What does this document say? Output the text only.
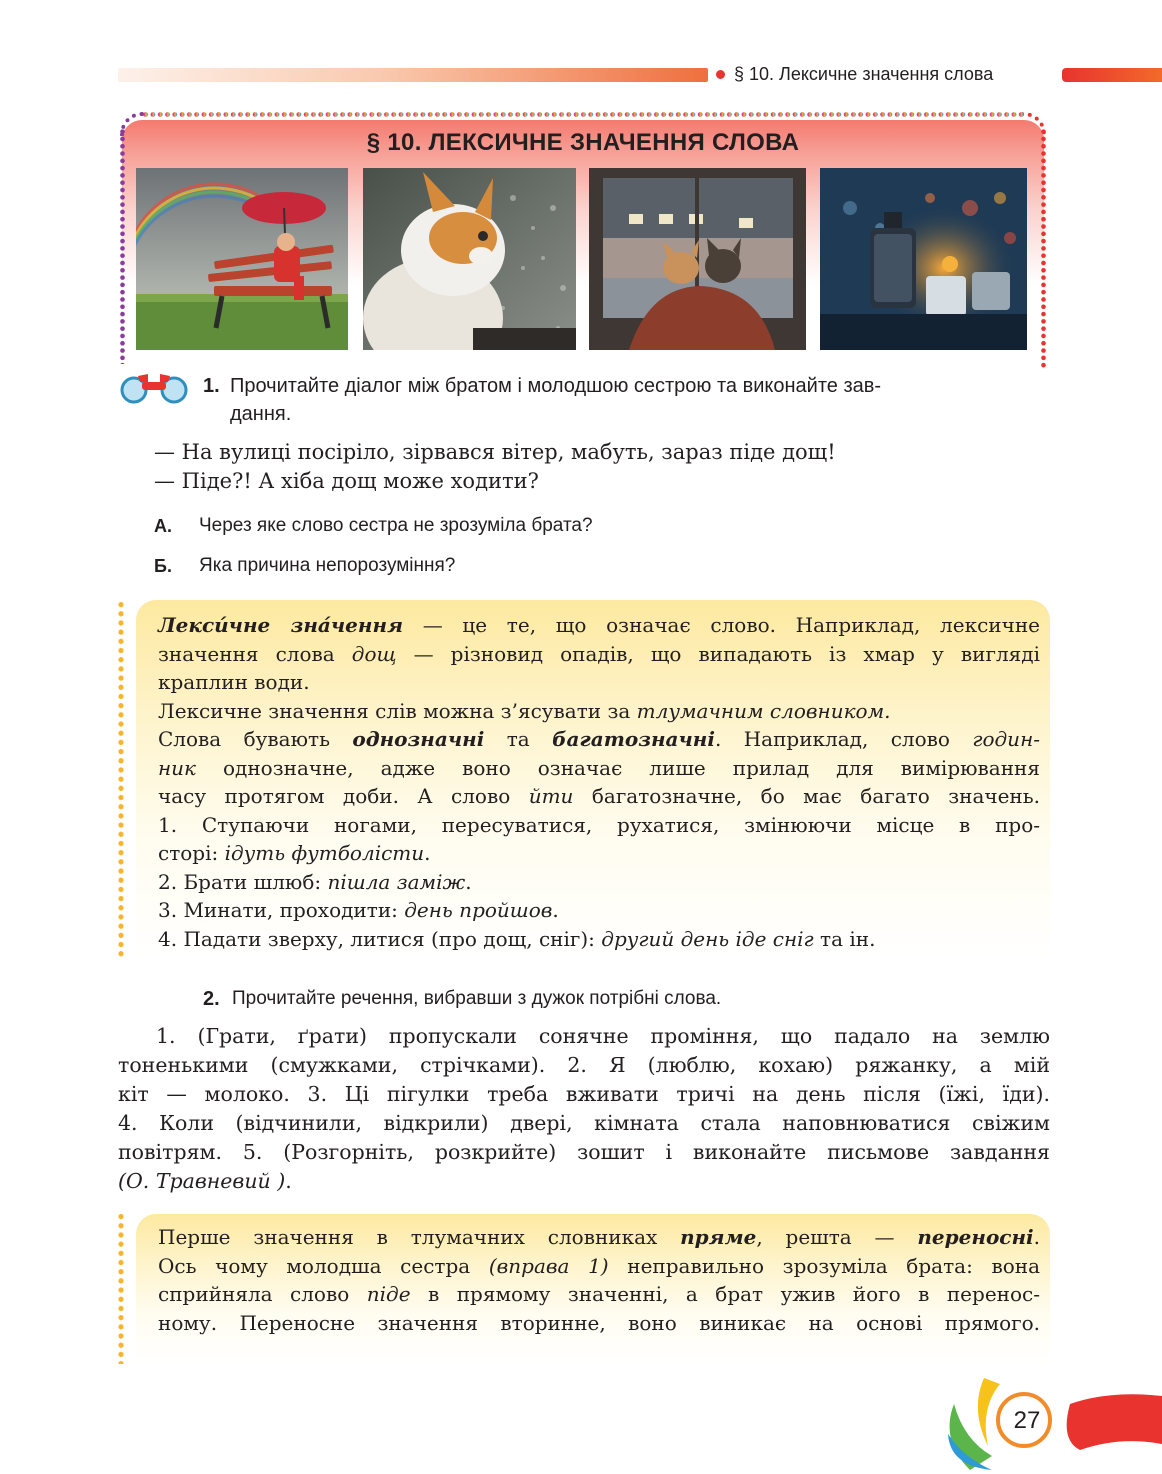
§ 10. Лексичне значення слова
§ 10. ЛЕКСИЧНЕ ЗНАЧЕННЯ СЛОВА
1. Прочитайте діалог між братом і молодшою сестрою та виконайте зав-
дання.
— На вулиці посіріло, зірвався вітер, мабуть, зараз піде дощ!
— Піде?! А хіба дощ може ходити?
А. Через яке слово сестра не зрозуміла брата?
Б. Яка причина непорозуміння?
Лекси́чне зна́чення — це те, що означає слово. Наприклад, лексичне
значення слова дощ — різновид опадів, що випадають із хмар у вигляді
краплин води.
Лексичне значення слів можна з’ясувати за тлумачним словником.
Слова бувають однозначні та багатозначні. Наприклад, слово годин-
ник однозначне, адже воно означає лише прилад для вимірювання
часу протягом доби. А слово йти багатозначне, бо має багато значень.
1. Ступаючи ногами, пересуватися, рухатися, змінюючи місце в про-
сторі: ідуть футболісти.
2. Брати шлюб: пішла заміж.
3. Минати, проходити: день пройшов.
4. Падати зверху, литися (про дощ, сніг): другий день іде сніг та ін.
2. Прочитайте речення, вибравши з дужок потрібні слова.
1. (Грати, ґрати) пропускали сонячне проміння, що падало на землю
тоненькими (смужками, стрічками). 2. Я (люблю, кохаю) ряжанку, а мій
кіт — молоко. 3. Ці пігулки треба вживати тричі на день після (їжі, їди).
4. Коли (відчинили, відкрили) двері, кімната стала наповнюватися свіжим
повітрям. 5. (Розгорніть, розкрийте) зошит і виконайте письмове завдання
(О. Травневий ).
Перше значення в тлумачних словниках пряме, решта — переносні.
Ось чому молодша сестра (вправа 1) неправильно зрозуміла брата: вона
сприйняла слово піде в прямому значенні, а брат ужив його в перенос-
ному. Переносне значення вторинне, воно виникає на основі прямого.
27
